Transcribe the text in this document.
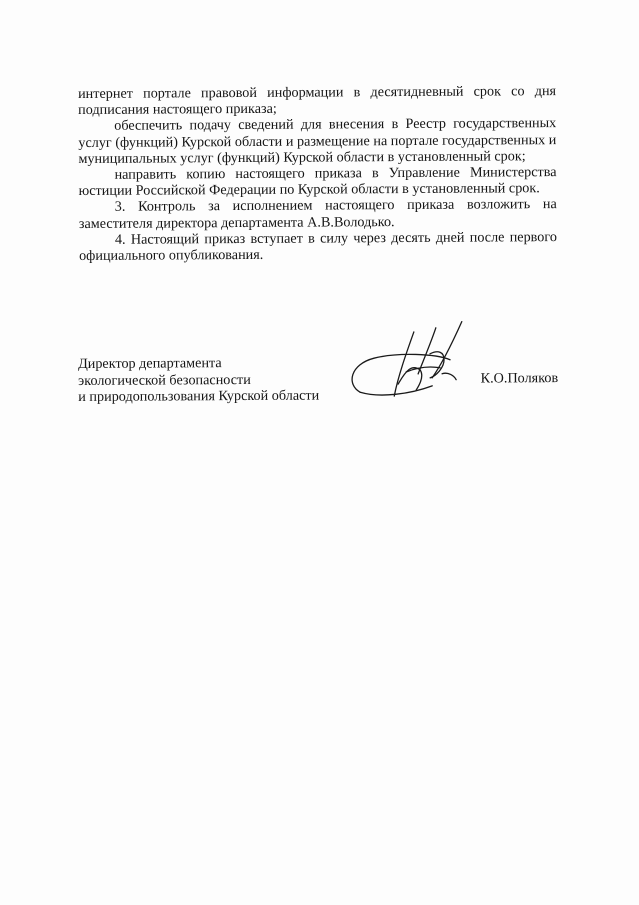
интернет портале правовой информации в десятидневный срок со дня подписания настоящего приказа;

обеспечить подачу сведений для внесения в Реестр государственных услуг (функций) Курской области и размещение на портале государственных и муниципальных услуг (функций) Курской области в установленный срок;

направить копию настоящего приказа в Управление Министерства юстиции Российской Федерации по Курской области в установленный срок.

3. Контроль за исполнением настоящего приказа возложить на заместителя директора департамента А.В.Володько.

4. Настоящий приказ вступает в силу через десять дней после первого официального опубликования.

Директор департамента
экологической безопасности
и природопользования Курской области
К.О.Поляков
